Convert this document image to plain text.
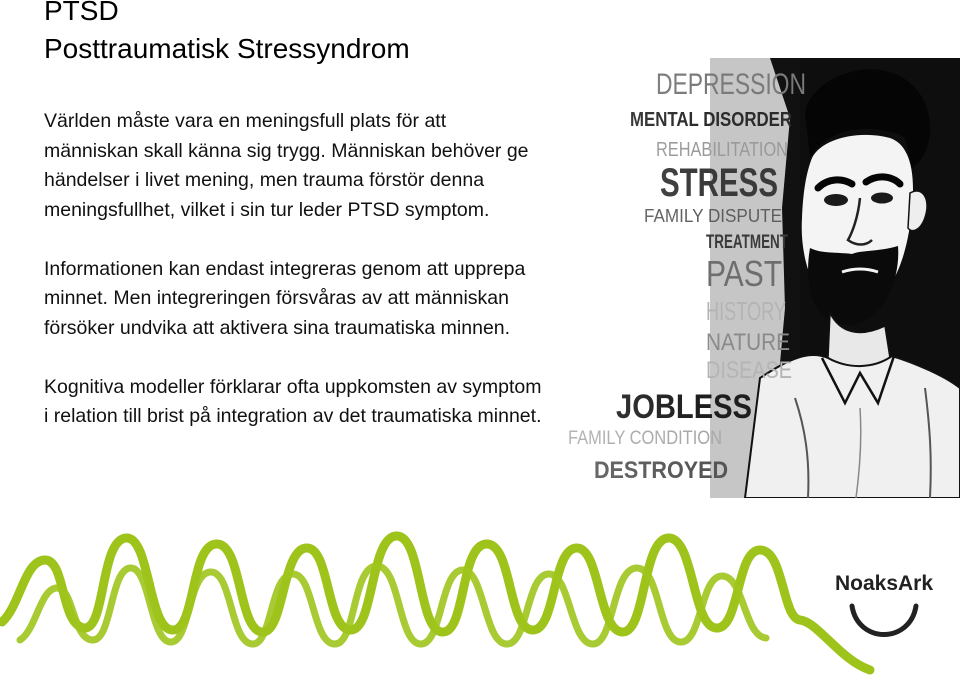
PTSD
Posttraumatisk Stressyndrom

Världen måste vara en meningsfull plats för att människan skall känna sig trygg. Människan behöver ge händelser i livet mening, men trauma förstör denna meningsfullhet, vilket i sin tur leder PTSD symptom.

Informationen kan endast integreras genom att upprepa minnet. Men integreringen försvåras av att människan försöker undvika att aktivera sina traumatiska minnen.

Kognitiva modeller förklarar ofta uppkomsten av symptom i relation till brist på integration av det traumatiska minnet.

DEPRESSION
MENTAL DISORDER
REHABILITATION
STRESS
FAMILY DISPUTE
TREATMENT
PAST
HISTORY
NATURE
DISEASE
JOBLESS
FAMILY CONDITION
DESTROYED
NoaksArk
